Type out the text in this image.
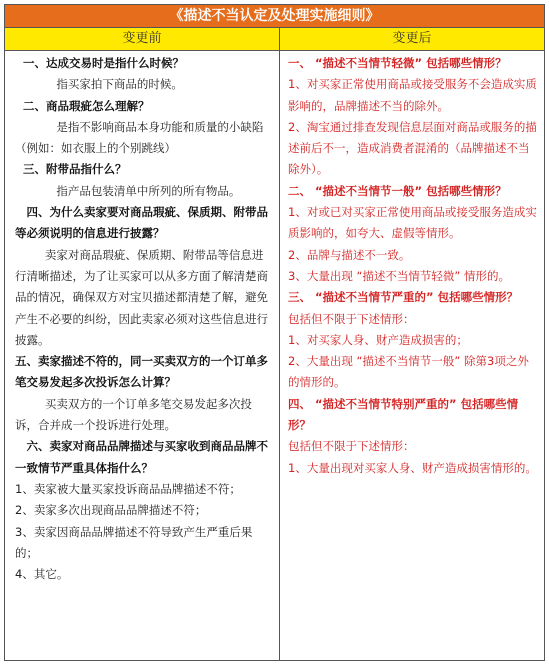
《描述不当认定及处理实施细则》
变更前	变更后

一、达成交易时是指什么时候？

指买家拍下商品的时候。

二、商品瑕疵怎么理解？

是指不影响商品本身功能和质量的小缺陷（例如：如衣服上的个别跳线）

三、附带品指什么？

指产品包装清单中所列的所有物品。

四、为什么卖家要对商品瑕疵、保质期、附带品等必须说明的信息进行披露？

卖家对商品瑕疵、保质期、附带品等信息进行清晰描述，为了让买家可以从多方面了解清楚商品的情况，确保双方对宝贝描述都清楚了解，避免产生不必要的纠纷，因此卖家必须对这些信息进行披露。

五、卖家描述不符的，同一买卖双方的一个订单多笔交易发起多次投诉怎么计算？

买卖双方的一个订单多笔交易发起多次投诉，合并成一个投诉进行处理。

六、卖家对商品品牌描述与买家收到商品品牌不一致情节严重具体指什么？

1、卖家被大量买家投诉商品品牌描述不符；

2、卖家多次出现商品品牌描述不符；

3、卖家因商品品牌描述不符导致产生严重后果的；

4、其它。

一、 “描述不当情节轻微” 包括哪些情形？

1、对买家正常使用商品或接受服务不会造成实质影响的，品牌描述不当的除外。

2、淘宝通过排查发现信息层面对商品或服务的描述前后不一，造成消费者混淆的（品牌描述不当除外）。

二、 “描述不当情节一般” 包括哪些情形？

1、对或已对买家正常使用商品或接受服务造成实质影响的，如夸大、虚假等情形。

2、品牌与描述不一致。

3、大量出现 “描述不当情节轻微” 情形的。

三、 “描述不当情节严重的” 包括哪些情形？

包括但不限于下述情形：

1、对买家人身、财产造成损害的；

2、大量出现 “描述不当情节一般” 除第3项之外的情形的。

四、 “描述不当情节特别严重的” 包括哪些情形？

包括但不限于下述情形：

1、大量出现对买家人身、财产造成损害情形的。
